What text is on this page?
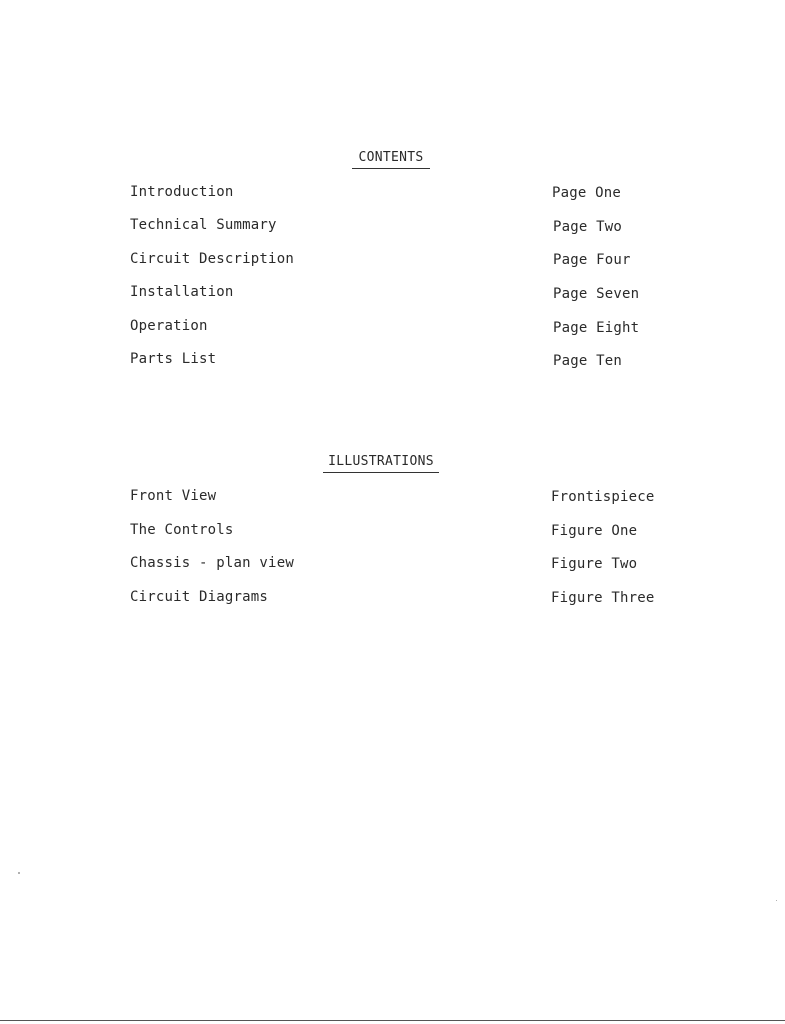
CONTENTS
Introduction	Page One
Technical Summary	Page Two
Circuit Description	Page Four
Installation	Page Seven
Operation	Page Eight
Parts List	Page Ten
ILLUSTRATIONS
Front View	Frontispiece
The Controls	Figure One
Chassis - plan view	Figure Two
Circuit Diagrams	Figure Three
